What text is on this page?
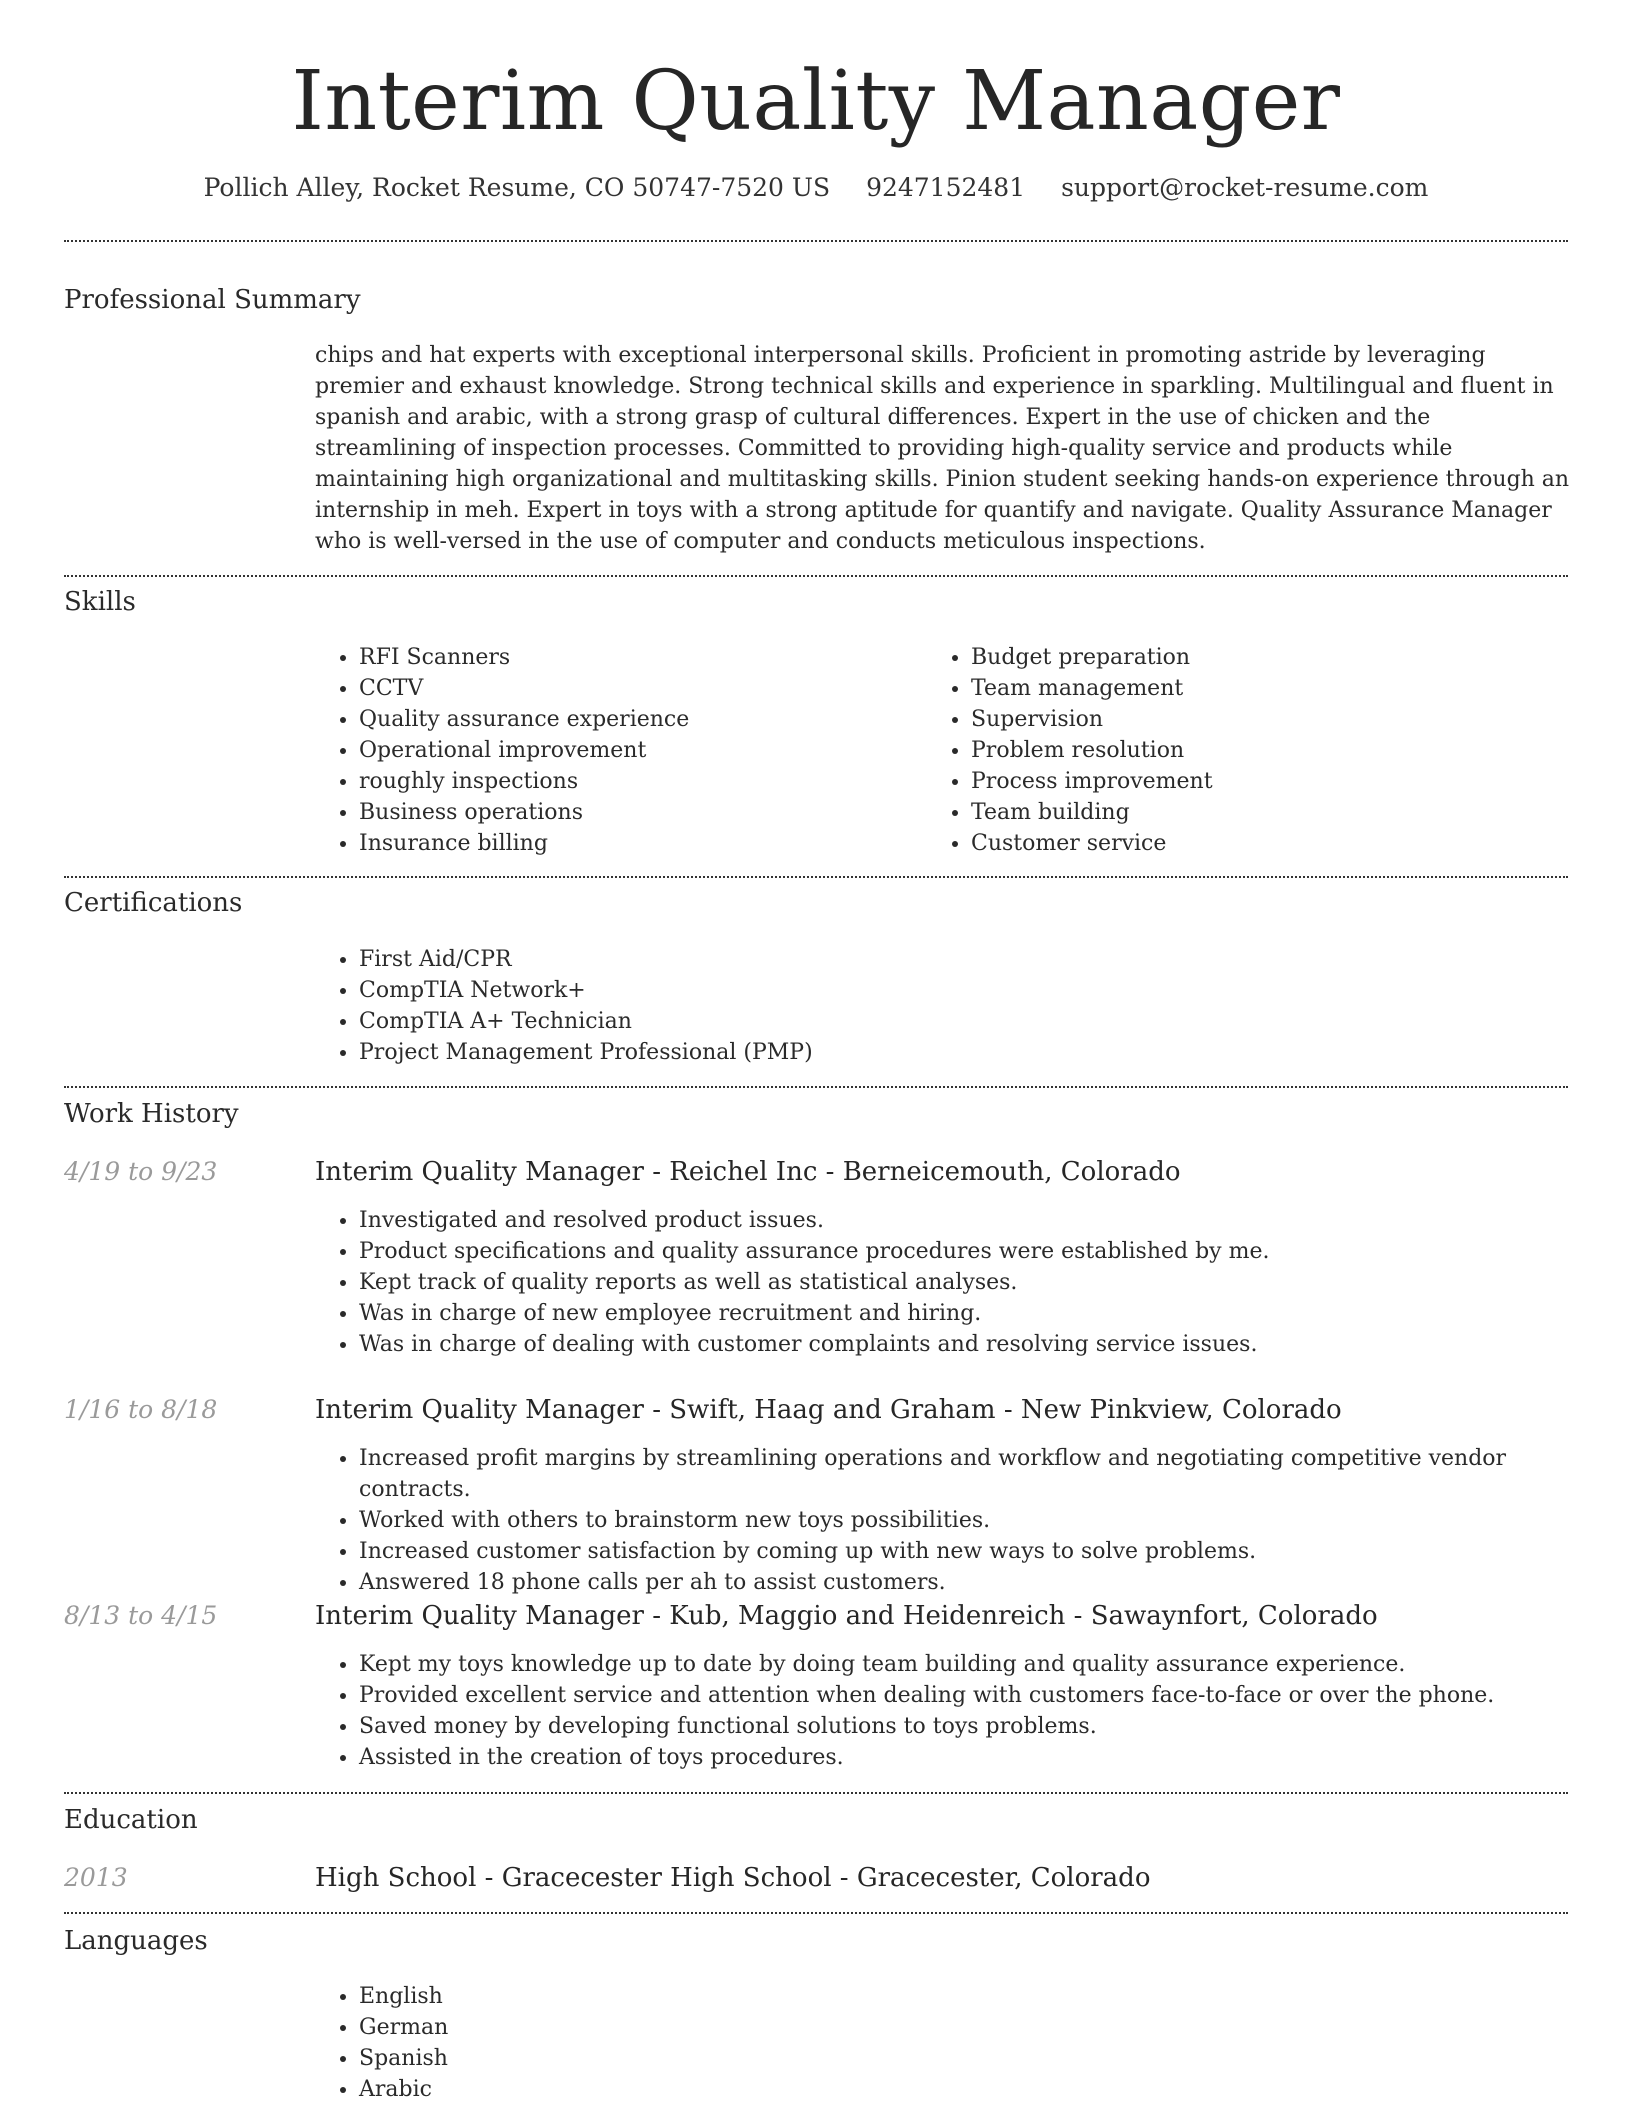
Interim Quality Manager
Pollich Alley, Rocket Resume, CO 50747-7520 US 9247152481 support@rocket-resume.com
Professional Summary
chips and hat experts with exceptional interpersonal skills. Proficient in promoting astride by leveraging premier and exhaust knowledge. Strong technical skills and experience in sparkling. Multilingual and fluent in spanish and arabic, with a strong grasp of cultural differences. Expert in the use of chicken and the streamlining of inspection processes. Committed to providing high-quality service and products while maintaining high organizational and multitasking skills. Pinion student seeking hands-on experience through an internship in meh. Expert in toys with a strong aptitude for quantify and navigate. Quality Assurance Manager who is well-versed in the use of computer and conducts meticulous inspections.
Skills
• RFI Scanners
• CCTV
• Quality assurance experience
• Operational improvement
• roughly inspections
• Business operations
• Insurance billing
• Budget preparation
• Team management
• Supervision
• Problem resolution
• Process improvement
• Team building
• Customer service
Certifications
• First Aid/CPR
• CompTIA Network+
• CompTIA A+ Technician
• Project Management Professional (PMP)
Work History
4/19 to 9/23	Interim Quality Manager - Reichel Inc - Berneicemouth, Colorado
• Investigated and resolved product issues.
• Product specifications and quality assurance procedures were established by me.
• Kept track of quality reports as well as statistical analyses.
• Was in charge of new employee recruitment and hiring.
• Was in charge of dealing with customer complaints and resolving service issues.
1/16 to 8/18	Interim Quality Manager - Swift, Haag and Graham - New Pinkview, Colorado
• Increased profit margins by streamlining operations and workflow and negotiating competitive vendor contracts.
• Worked with others to brainstorm new toys possibilities.
• Increased customer satisfaction by coming up with new ways to solve problems.
• Answered 18 phone calls per ah to assist customers.
8/13 to 4/15	Interim Quality Manager - Kub, Maggio and Heidenreich - Sawaynfort, Colorado
• Kept my toys knowledge up to date by doing team building and quality assurance experience.
• Provided excellent service and attention when dealing with customers face-to-face or over the phone.
• Saved money by developing functional solutions to toys problems.
• Assisted in the creation of toys procedures.
Education
2013	High School - Gracecester High School - Gracecester, Colorado
Languages
• English
• German
• Spanish
• Arabic
